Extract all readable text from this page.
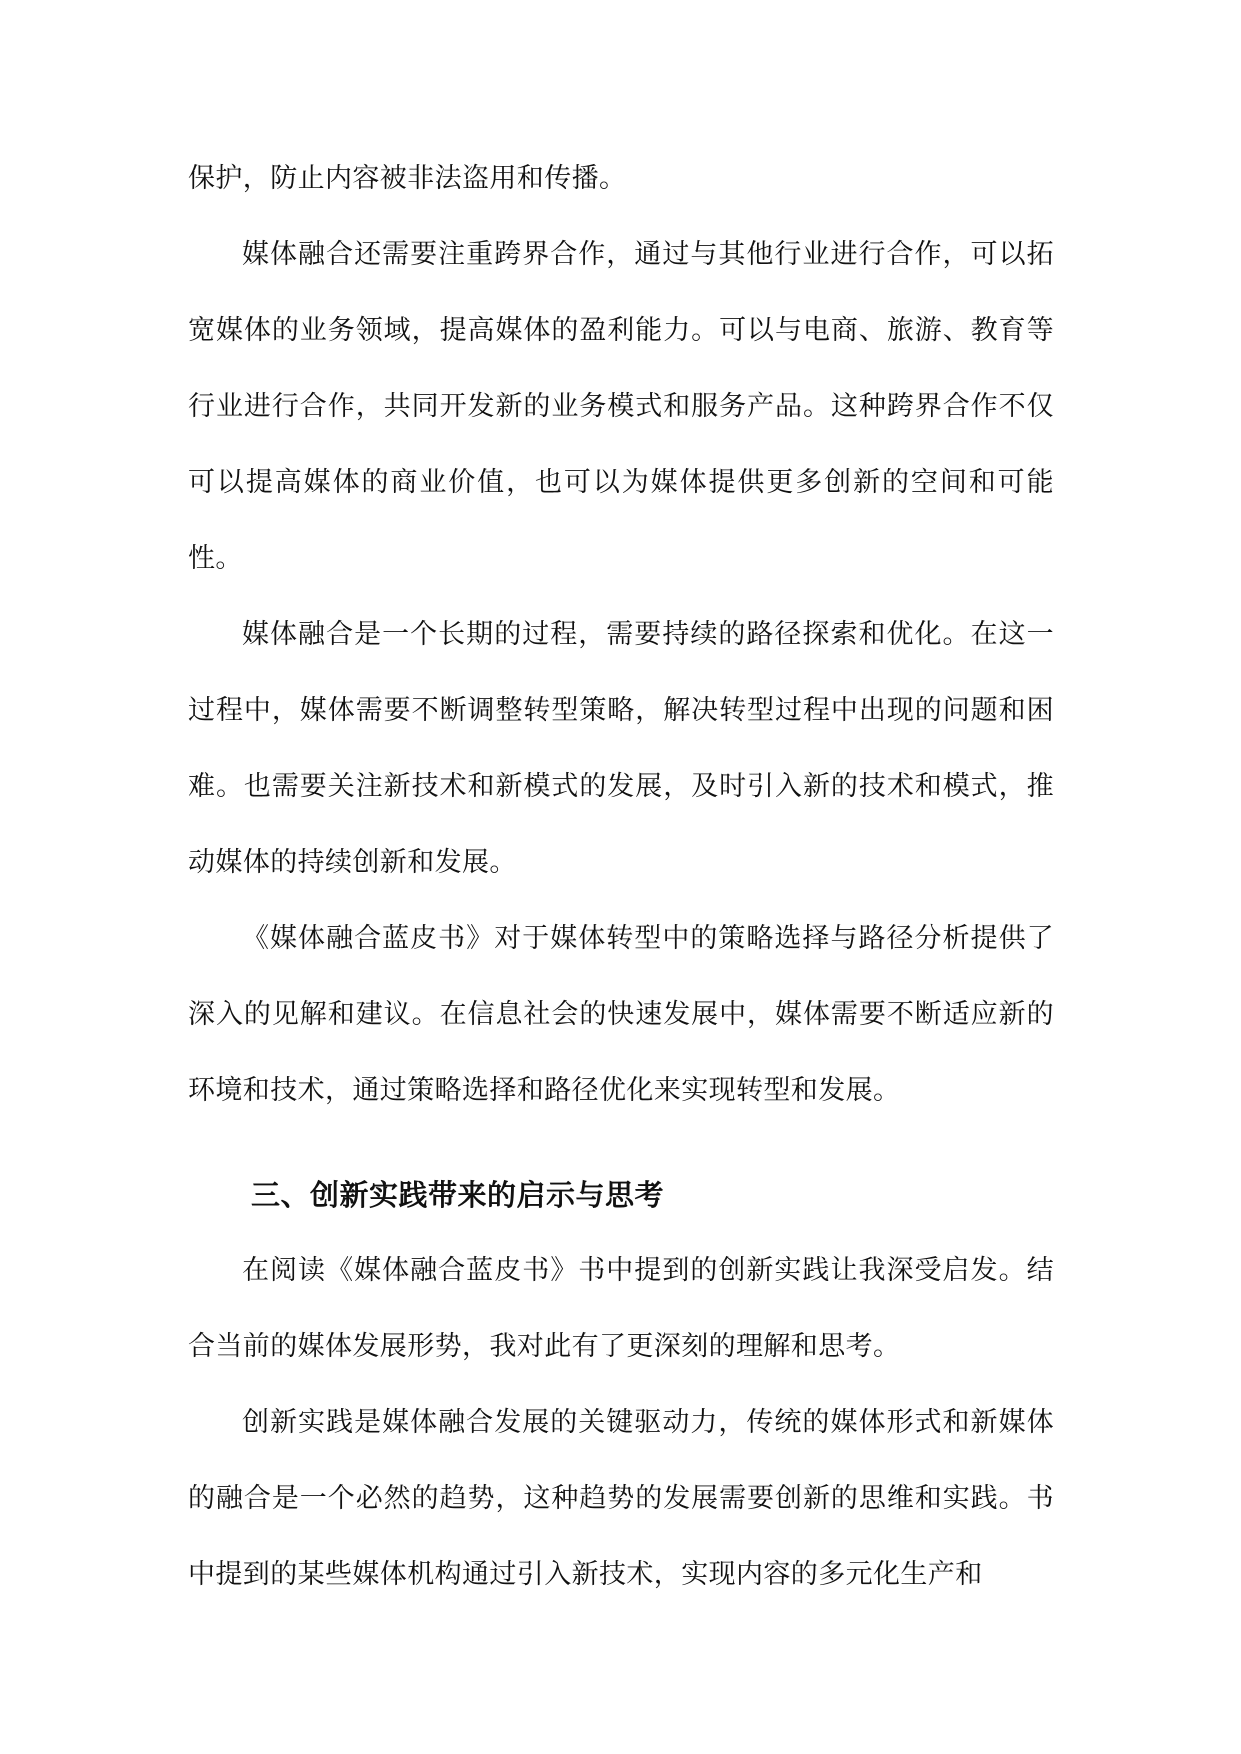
保护，防止内容被非法盗用和传播。

媒体融合还需要注重跨界合作，通过与其他行业进行合作，可以拓宽媒体的业务领域，提高媒体的盈利能力。可以与电商、旅游、教育等行业进行合作，共同开发新的业务模式和服务产品。这种跨界合作不仅可以提高媒体的商业价值，也可以为媒体提供更多创新的空间和可能性。

媒体融合是一个长期的过程，需要持续的路径探索和优化。在这一过程中，媒体需要不断调整转型策略，解决转型过程中出现的问题和困难。也需要关注新技术和新模式的发展，及时引入新的技术和模式，推动媒体的持续创新和发展。

《媒体融合蓝皮书》对于媒体转型中的策略选择与路径分析提供了深入的见解和建议。在信息社会的快速发展中，媒体需要不断适应新的环境和技术，通过策略选择和路径优化来实现转型和发展。

三、创新实践带来的启示与思考

在阅读《媒体融合蓝皮书》书中提到的创新实践让我深受启发。结合当前的媒体发展形势，我对此有了更深刻的理解和思考。

创新实践是媒体融合发展的关键驱动力，传统的媒体形式和新媒体的融合是一个必然的趋势，这种趋势的发展需要创新的思维和实践。书中提到的某些媒体机构通过引入新技术，实现内容的多元化生产和
